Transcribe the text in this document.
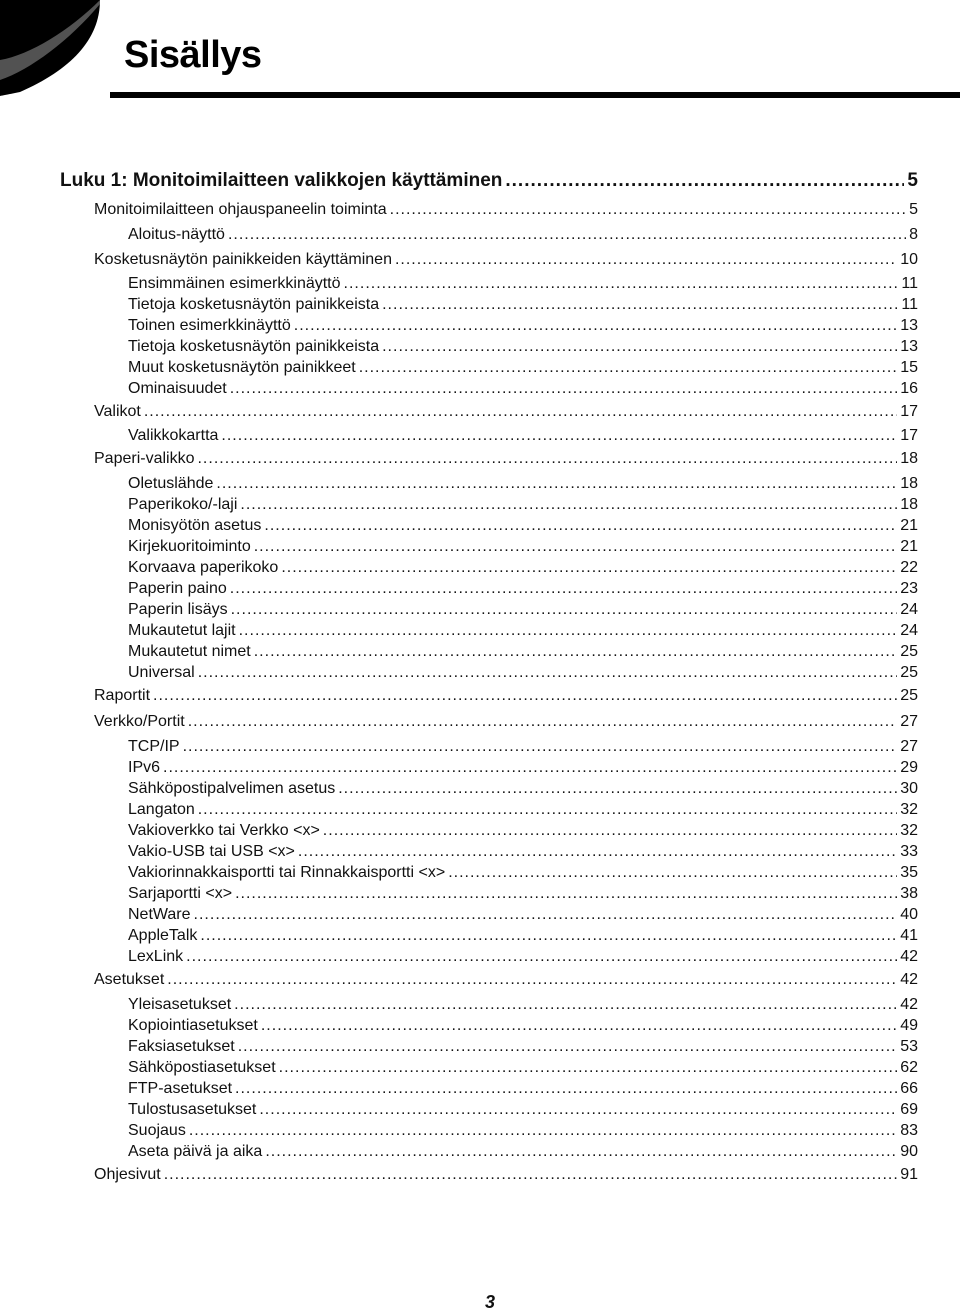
Sisällys
Luku 1: Monitoimilaitteen valikkojen käyttäminen .....	5
Monitoimilaitteen ohjauspaneelin toiminta .....	5
Aloitus-näyttö .....	8
Kosketusnäytön painikkeiden käyttäminen .....	10
Ensimmäinen esimerkkinäyttö .....	11
Tietoja kosketusnäytön painikkeista .....	11
Toinen esimerkkinäyttö .....	13
Tietoja kosketusnäytön painikkeista .....	13
Muut kosketusnäytön painikkeet .....	15
Ominaisuudet .....	16
Valikot .....	17
Valikkokartta .....	17
Paperi-valikko .....	18
Oletuslähde .....	18
Paperikoko/-laji .....	18
Monisyötön asetus .....	21
Kirjekuoritoiminto .....	21
Korvaava paperikoko .....	22
Paperin paino .....	23
Paperin lisäys .....	24
Mukautetut lajit .....	24
Mukautetut nimet .....	25
Universal .....	25
Raportit .....	25
Verkko/Portit .....	27
TCP/IP .....	27
IPv6 .....	29
Sähköpostipalvelimen asetus .....	30
Langaton .....	32
Vakioverkko tai Verkko <x> .....	32
Vakio-USB tai USB <x> .....	33
Vakiorinnakkaisportti tai Rinnakkaisportti <x> .....	35
Sarjaportti <x> .....	38
NetWare .....	40
AppleTalk .....	41
LexLink .....	42
Asetukset .....	42
Yleisasetukset .....	42
Kopiointiasetukset .....	49
Faksiasetukset .....	53
Sähköpostiasetukset .....	62
FTP-asetukset .....	66
Tulostusasetukset .....	69
Suojaus .....	83
Aseta päivä ja aika .....	90
Ohjesivut .....	91
3
